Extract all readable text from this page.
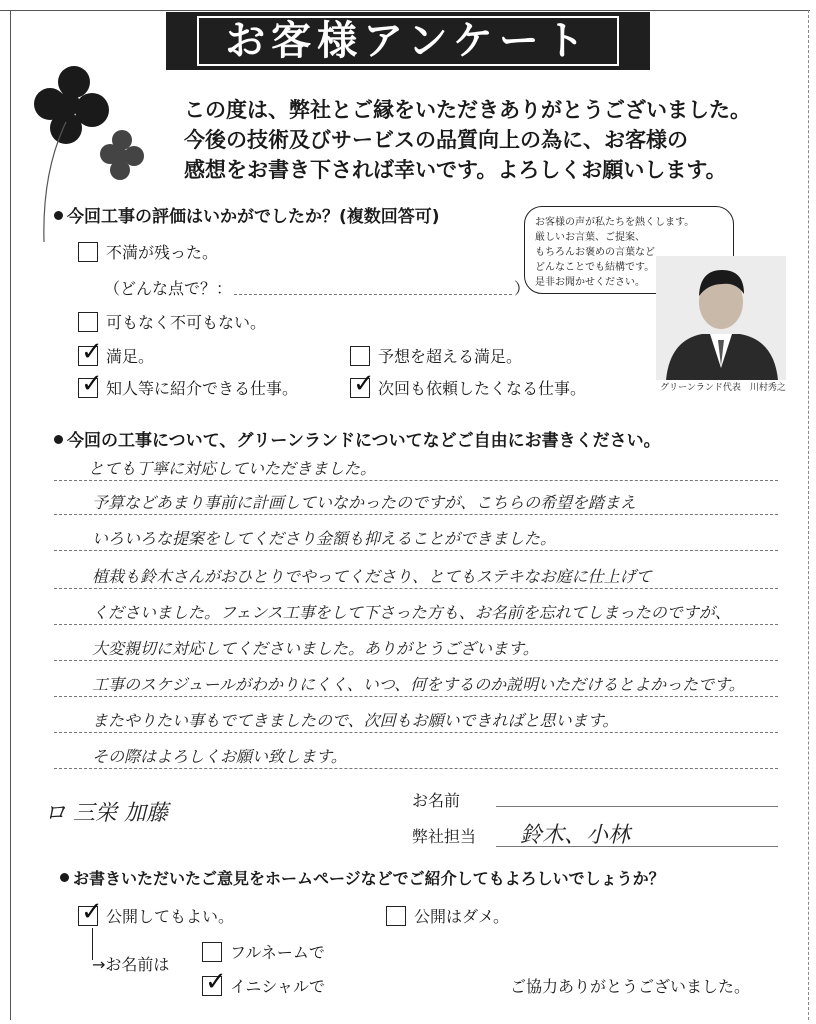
お客様アンケート
この度は、弊社とご縁をいただきありがとうございました。
今後の技術及びサービスの品質向上の為に、お客様の
感想をお書き下されば幸いです。よろしくお願いします。
今回工事の評価はいかがでしたか？(複数回答可)
不満が残った。
（どんな点で？：	）
可もなく不可もない。
✓ 満足。	予想を超える満足。
✓ 知人等に紹介できる仕事。 ✓ 次回も依頼したくなる仕事。
お客様の声が私たちを熱くします。
厳しいお言葉、ご提案、
もちろんお褒めの言葉など
どんなことでも結構です。
是非お聞かせください。
グリーンランド代表　川村秀之
今回の工事について、グリーンランドについてなどご自由にお書きください。
とても丁寧に対応していただきました。
予算などあまり事前に計画していなかったのですが、こちらの希望を踏まえ
いろいろな提案をしてくださり金額も抑えることができました。
植栽も鈴木さんがおひとりでやってくださり、とてもステキなお庭に仕上げて
くださいました。フェンス工事をして下さった方も、お名前を忘れてしまったのですが、
大変親切に対応してくださいました。ありがとうございます。
工事のスケジュールがわかりにくく、いつ、何をするのか説明いただけるとよかったです。
またやりたい事もでてきましたので、次回もお願いできればと思います。
その際はよろしくお願い致します。
ロ 三栄 加藤
お名前
弊社担当 鈴木、小林
お書きいただいたご意見をホームページなどでご紹介してもよろしいでしょうか？
✓ 公開してもよい。	公開はダメ。
→お名前は
フルネームで
✓ イニシャルで	ご協力ありがとうございました。
